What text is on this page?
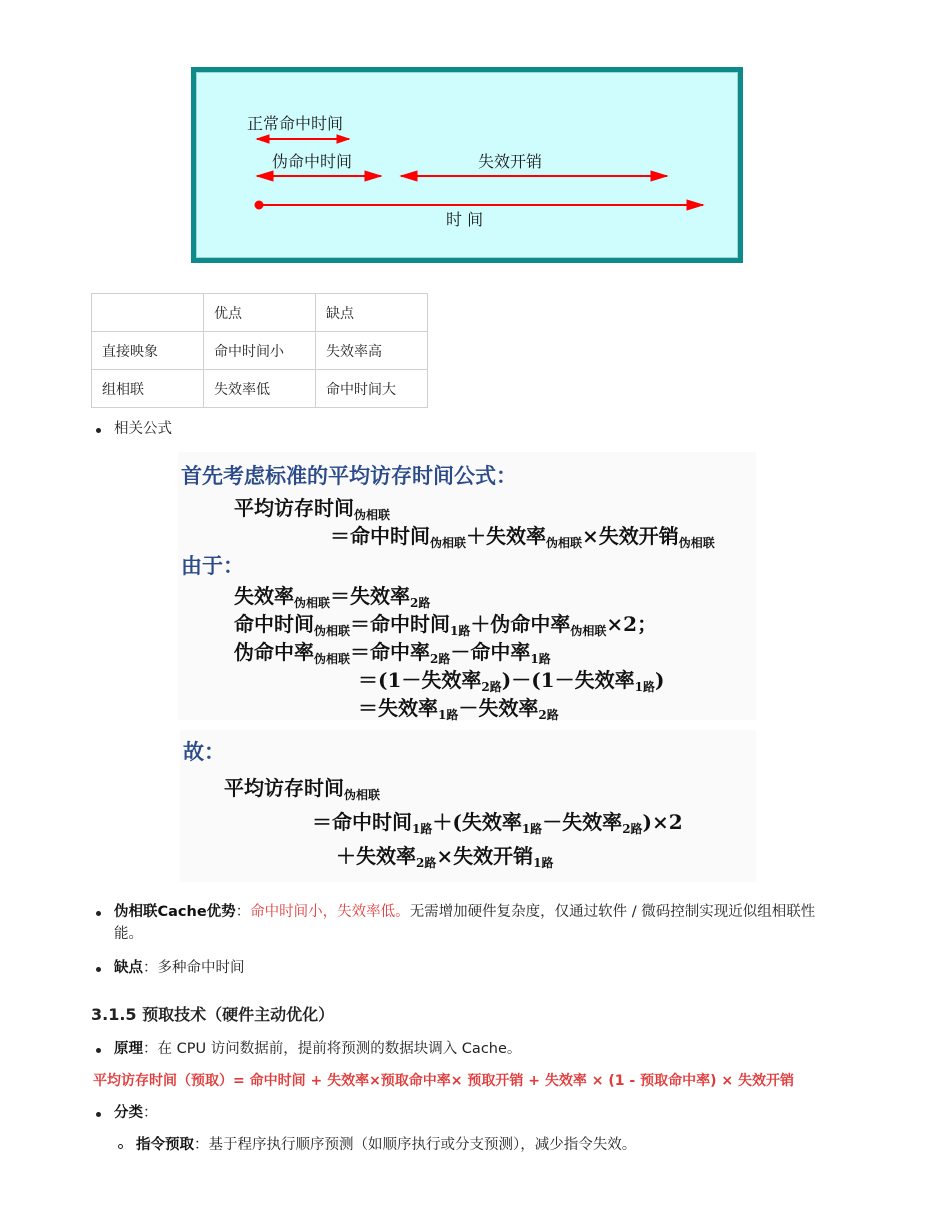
正常命中时间
伪命中时间	失效开销
时 间
	优点	缺点
直接映象	命中时间小	失效率高
组相联	失效率低	命中时间大
相关公式
首先考虑标准的平均访存时间公式：
平均访存时间$_{伪相联}$
＝命中时间$_{伪相联}$＋失效率$_{伪相联}$×失效开销$_{伪相联}$
由于：
失效率$_{伪相联}$＝失效率$_{2路}$
命中时间$_{伪相联}$＝命中时间$_{1路}$＋伪命中率$_{伪相联}$×2；
伪命中率$_{伪相联}$＝命中率$_{2路}$－命中率$_{1路}$
＝(1－失效率$_{2路}$)－(1－失效率$_{1路}$)
＝失效率$_{1路}$－失效率$_{2路}$
故：
平均访存时间$_{伪相联}$
＝命中时间$_{1路}$＋(失效率$_{1路}$－失效率$_{2路}$)×2
＋失效率$_{2路}$×失效开销$_{1路}$
伪相联Cache优势：命中时间小，失效率低。无需增加硬件复杂度，仅通过软件 / 微码控制实现近似组相联性
能。
缺点：多种命中时间
3.1.5 预取技术（硬件主动优化）
原理：在 CPU 访问数据前，提前将预测的数据块调入 Cache。
平均访存时间（预取）= 命中时间 + 失效率×预取命中率× 预取开销 + 失效率 × (1 - 预取命中率) × 失效开销
分类：
指令预取：基于程序执行顺序预测（如顺序执行或分支预测），减少指令失效。
